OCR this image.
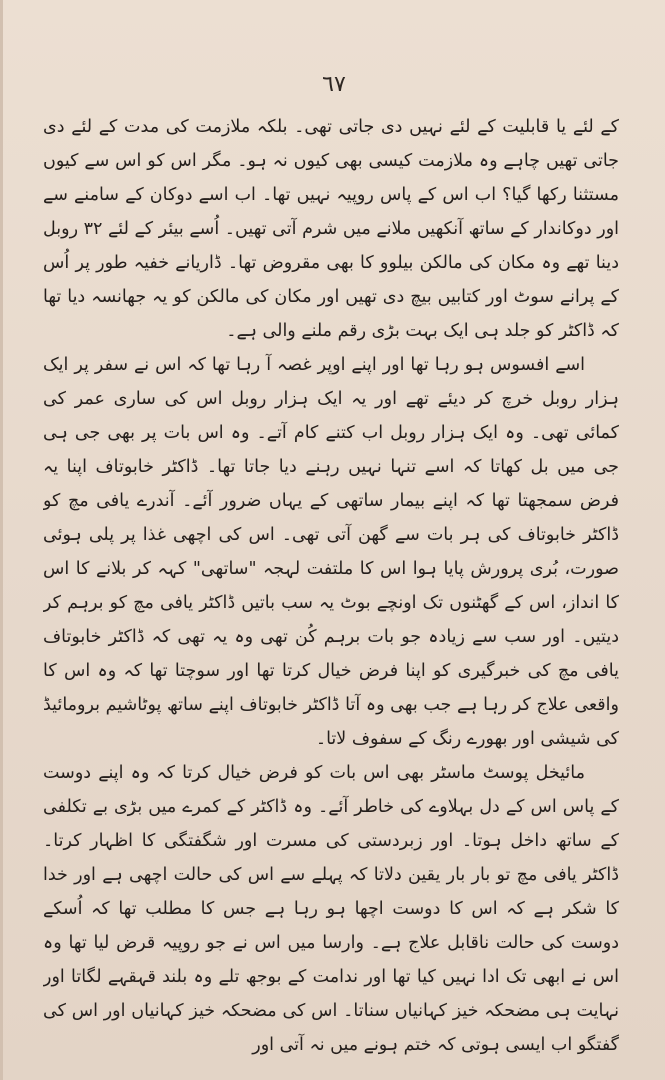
٦٧

کے لئے یا قابلیت کے لئے نہیں دی جاتی تھی۔ بلکہ ملازمت کی مدت کے لئے دی جاتی تھیں چاہے وہ ملازمت کیسی بھی کیوں نہ ہو۔ مگر اس کو اس سے کیوں مستثنا رکھا گیا؟ اب اس کے پاس روپیہ نہیں تھا۔ اب اسے دوکان کے سامنے سے اور دوکاندار کے ساتھ آنکھیں ملانے میں شرم آتی تھیں۔ اُسے بیئر کے لئے ۳۲ روبل دینا تھے وہ مکان کی مالکن بیلوو کا بھی مقروض تھا۔ ڈاریانے خفیہ طور پر اُس کے پرانے سوٹ اور کتابیں بیچ دی تھیں اور مکان کی مالکن کو یہ جھانسہ دیا تھا کہ ڈاکٹر کو جلد ہی ایک بہت بڑی رقم ملنے والی ہے۔

اسے افسوس ہو رہا تھا اور اپنے اوپر غصہ آ رہا تھا کہ اس نے سفر پر ایک ہزار روبل خرچ کر دیئے تھے اور یہ ایک ہزار روبل اس کی ساری عمر کی کمائی تھی۔ وہ ایک ہزار روبل اب کتنے کام آتے۔ وہ اس بات پر بھی جی ہی جی میں بل کھاتا کہ اسے تنہا نہیں رہنے دیا جاتا تھا۔ ڈاکٹر خابوتاف اپنا یہ فرض سمجھتا تھا کہ اپنے بیمار ساتھی کے یہاں ضرور آئے۔ آندرے یافی مچ کو ڈاکٹر خابوتاف کی ہر بات سے گھن آتی تھی۔ اس کی اچھی غذا پر پلی ہوئی صورت، بُری پرورش پایا ہوا اس کا ملتفت لہجہ "ساتھی" کہہ کر بلانے کا اس کا انداز، اس کے گھٹنوں تک اونچے بوٹ یہ سب باتیں ڈاکٹر یافی مچ کو برہم کر دیتیں۔ اور سب سے زیادہ جو بات برہم کُن تھی وہ یہ تھی کہ ڈاکٹر خابوتاف یافی مچ کی خبرگیری کو اپنا فرض خیال کرتا تھا اور سوچتا تھا کہ وہ اس کا واقعی علاج کر رہا ہے جب بھی وہ آتا ڈاکٹر خابوتاف اپنے ساتھ پوٹاشیم برومائیڈ کی شیشی اور بھورے رنگ کے سفوف لاتا۔

مائیخل پوسٹ ماسٹر بھی اس بات کو فرض خیال کرتا کہ وہ اپنے دوست کے پاس اس کے دل بہلاوے کی خاطر آئے۔ وہ ڈاکٹر کے کمرے میں بڑی بے تکلفی کے ساتھ داخل ہوتا۔ اور زبردستی کی مسرت اور شگفتگی کا اظہار کرتا۔ ڈاکٹر یافی مچ تو بار بار یقین دلاتا کہ پہلے سے اس کی حالت اچھی ہے اور خدا کا شکر ہے کہ اس کا دوست اچھا ہو رہا ہے جس کا مطلب تھا کہ اُسکے دوست کی حالت ناقابل علاج ہے۔ وارسا میں اس نے جو روپیہ قرض لیا تھا وہ اس نے ابھی تک ادا نہیں کیا تھا اور ندامت کے بوجھ تلے وہ بلند قہقہے لگاتا اور نہایت ہی مضحکہ خیز کہانیاں سناتا۔ اس کی مضحکہ خیز کہانیاں اور اس کی گفتگو اب ایسی ہوتی کہ ختم ہونے میں نہ آتی اور
